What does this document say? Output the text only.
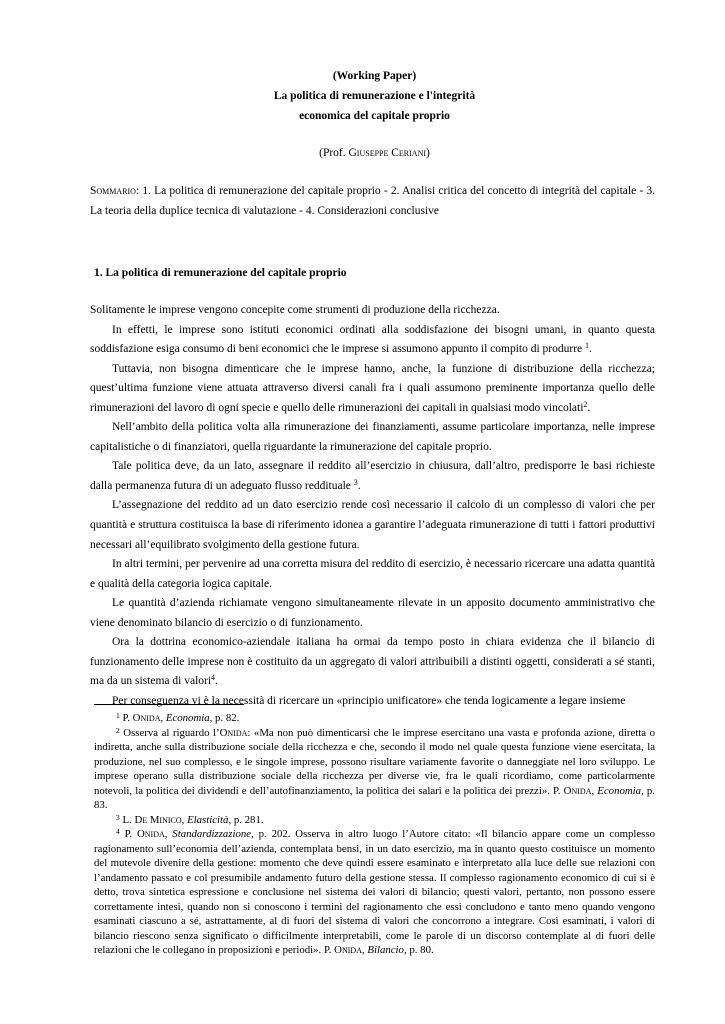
(Working Paper)
La politica di remunerazione e l'integrità
economica del capitale proprio
(Prof. Giuseppe Ceriani)
Sommario: 1. La politica di remunerazione del capitale proprio - 2. Analisi critica del concetto di integrità del capitale - 3. La teoria della duplice tecnica di valutazione - 4. Considerazioni conclusive
1. La politica di remunerazione del capitale proprio

Solitamente le imprese vengono concepite come strumenti di produzione della ricchezza.

In effetti, le imprese sono istituti economici ordinati alla soddisfazione dei bisogni umani, in quanto questa soddisfazione esiga consumo di beni economici che le imprese si assumono appunto il compito di produrre $^1$.

Tuttavia, non bisogna dimenticare che le imprese hanno, anche, la funzione di distribuzione della ricchezza; quest’ultima funzione viene attuata attraverso diversi canali fra i quali assumono preminente importanza quello delle rimunerazioni del lavoro di ogni specie e quello delle rimunerazioni dei capitali in qualsiasi modo vincolati$^2$.

Nell’ambito della politica volta alla rimunerazione dei finanziamenti, assume particolare importanza, nelle imprese capitalistiche o di finanziatori, quella riguardante la rimunerazione del capitale proprio.

Tale politica deve, da un lato, assegnare il reddito all’esercizio in chiusura, dall’altro, predisporre le basi richieste dalla permanenza futura di un adeguato flusso reddituale $^3$.

L’assegnazione del reddito ad un dato esercizio rende così necessario il calcolo di un complesso di valori che per quantità e struttura costituisca la base di riferimento idonea a garantire l’adeguata rimunerazione di tutti i fattori produttivi necessari all’equilibrato svolgimento della gestione futura.

In altri termini, per pervenire ad una corretta misura del reddito di esercizio, è necessario ricercare una adatta quantità e qualità della categoria logica capitale.

Le quantità d’azienda richiamate vengono simultaneamente rilevate in un apposito documento amministrativo che viene denominato bilancio di esercizio o di funzionamento.

Ora la dottrina economico-aziendale italiana ha ormai da tempo posto in chiara evidenza che il bilancio di funzionamento delle imprese non è costituito da un aggregato di valori attribuibili a distinti oggetti, considerati a sé stanti, ma da un sistema di valori$^4$.

Per conseguenza vi è la necessità di ricercare un «principio unificatore» che tenda logicamente a legare insieme

$^1$ P. Onida, Economia, p. 82.

$^2$ Osserva al riguardo l’Onida: «Ma non può dimenticarsi che le imprese esercitano una vasta e profonda azione, diretta o indiretta, anche sulla distribuzione sociale della ricchezza e che, secondo il modo nel quale questa funzione viene esercitata, la produzione, nel suo complesso, e le singole imprese, possono risultare variamente favorite o danneggiate nel loro sviluppo. Le imprese operano sulla distribuzione sociale della ricchezza per diverse vie, fra le quali ricordiamo, come particolarmente notevoli, la politica dei dividendi e dell’autofinanziamento, la politica dei salari e la politica dei prezzi». P. Onida, Economia, p. 83.

$^3$ L. De Minico, Elasticità, p. 281.

$^4$ P. Onida, Standardizzazione, p. 202. Osserva in altro luogo l’Autore citato: «Il bilancio appare come un complesso ragionamento sull’economia dell’azienda, contemplata bensì, in un dato esercizio, ma in quanto questo costituisce un momento del mutevole divenire della gestione: momento che deve quindi essere esaminato e interpretato alla luce delle sue relazioni con l’andamento passato e col presumibile andamento futuro della gestione stessa. Il complesso ragionamento economico di cui si è detto, trova sintetica espressione e conclusione nel sistema dei valori di bilancio; questi valori, pertanto, non possono essere correttamente intesi, quando non si conoscono i termini del ragionamento che essi concludono e tanto meno quando vengono esaminati ciascuno a sé, astrattamente, al di fuori del sistema di valori che concorrono a integrare. Così esaminati, i valori di bilancio riescono senza significato o difficilmente interpretabili, come le parole di un discorso contemplate al di fuori delle relazioni che le collegano in proposizioni e periodi». P. Onida, Bilancio, p. 80.
